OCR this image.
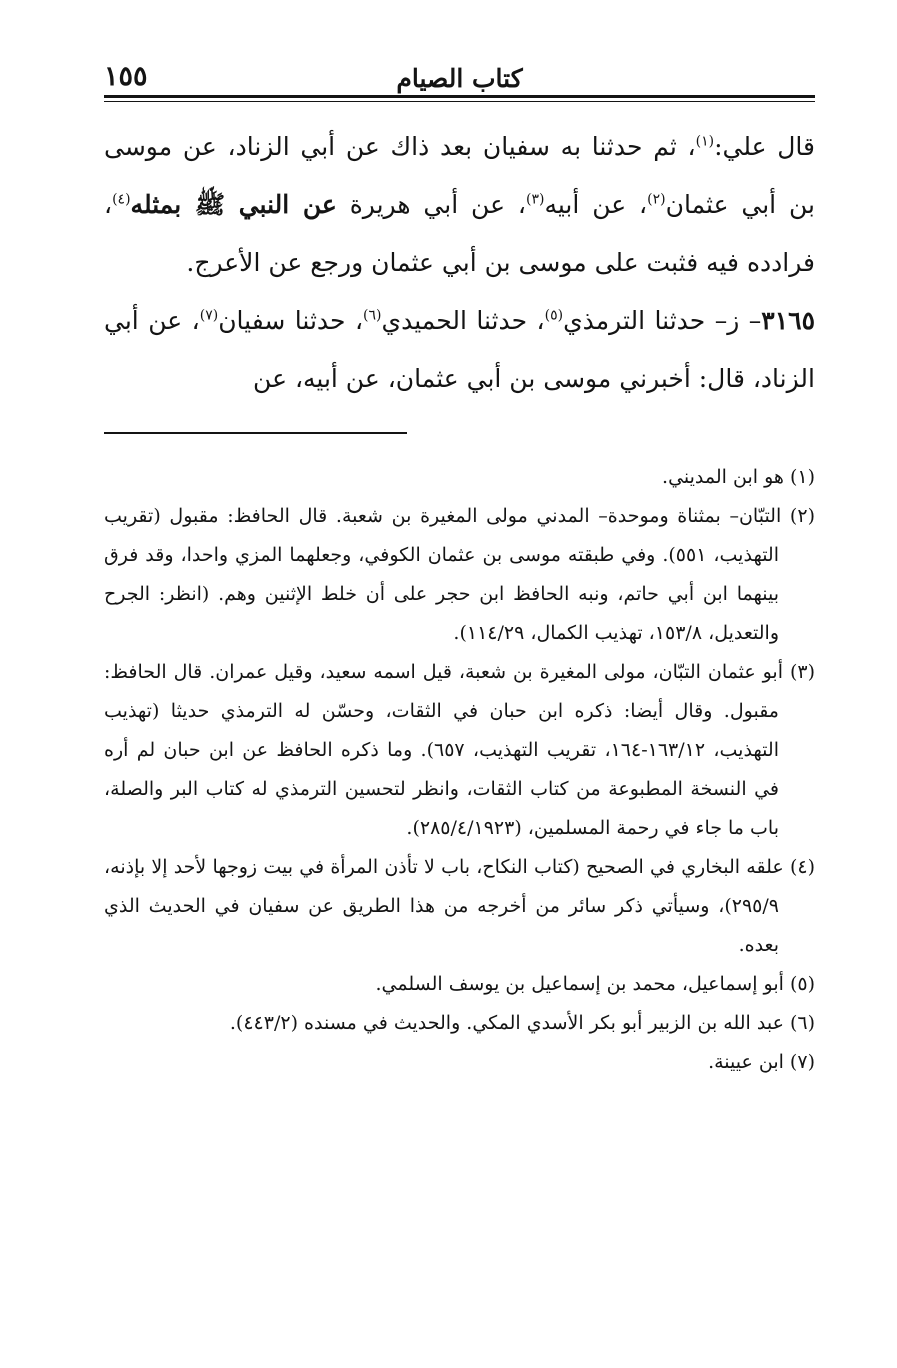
كتاب الصيام
١٥٥

قال علي:$^{(١)}$، ثم حدثنا به سفيان بعد ذاك عن أبي الزناد، عن موسى بن أبي عثمان$^{(٢)}$، عن أبيه$^{(٣)}$، عن أبي هريرة عن النبي ﷺ بمثله$^{(٤)}$، فرادده فيه فثبت على موسى بن أبي عثمان ورجع عن الأعرج.

٣١٦٥– ز– حدثنا الترمذي$^{(٥)}$، حدثنا الحميدي$^{(٦)}$، حدثنا سفيان$^{(٧)}$، عن أبي الزناد، قال: أخبرني موسى بن أبي عثمان، عن أبيه، عن

(١) هو ابن المديني.

(٢) التبّان– بمثناة وموحدة– المدني مولى المغيرة بن شعبة. قال الحافظ: مقبول (تقريب التهذيب، ٥٥١). وفي طبقته موسى بن عثمان الكوفي، وجعلهما المزي واحدا، وقد فرق بينهما ابن أبي حاتم، ونبه الحافظ ابن حجر على أن خلط الإثنين وهم. (انظر: الجرح والتعديل، ١٥٣/٨، تهذيب الكمال، ١١٤/٢٩).

(٣) أبو عثمان التبّان، مولى المغيرة بن شعبة، قيل اسمه سعيد، وقيل عمران. قال الحافظ: مقبول. وقال أيضا: ذكره ابن حبان في الثقات، وحسّن له الترمذي حديثا (تهذيب التهذيب، ١٦٣/١٢-١٦٤، تقريب التهذيب، ٦٥٧). وما ذكره الحافظ عن ابن حبان لم أره في النسخة المطبوعة من كتاب الثقات، وانظر لتحسين الترمذي له كتاب البر والصلة، باب ما جاء في رحمة المسلمين، (٢٨٥/٤/١٩٢٣).

(٤) علقه البخاري في الصحيح (كتاب النكاح، باب لا تأذن المرأة في بيت زوجها لأحد إلا بإذنه، ٢٩٥/٩)، وسيأتي ذكر سائر من أخرجه من هذا الطريق عن سفيان في الحديث الذي بعده.

(٥) أبو إسماعيل، محمد بن إسماعيل بن يوسف السلمي.

(٦) عبد الله بن الزبير أبو بكر الأسدي المكي. والحديث في مسنده (٤٤٣/٢).

(٧) ابن عيينة.
